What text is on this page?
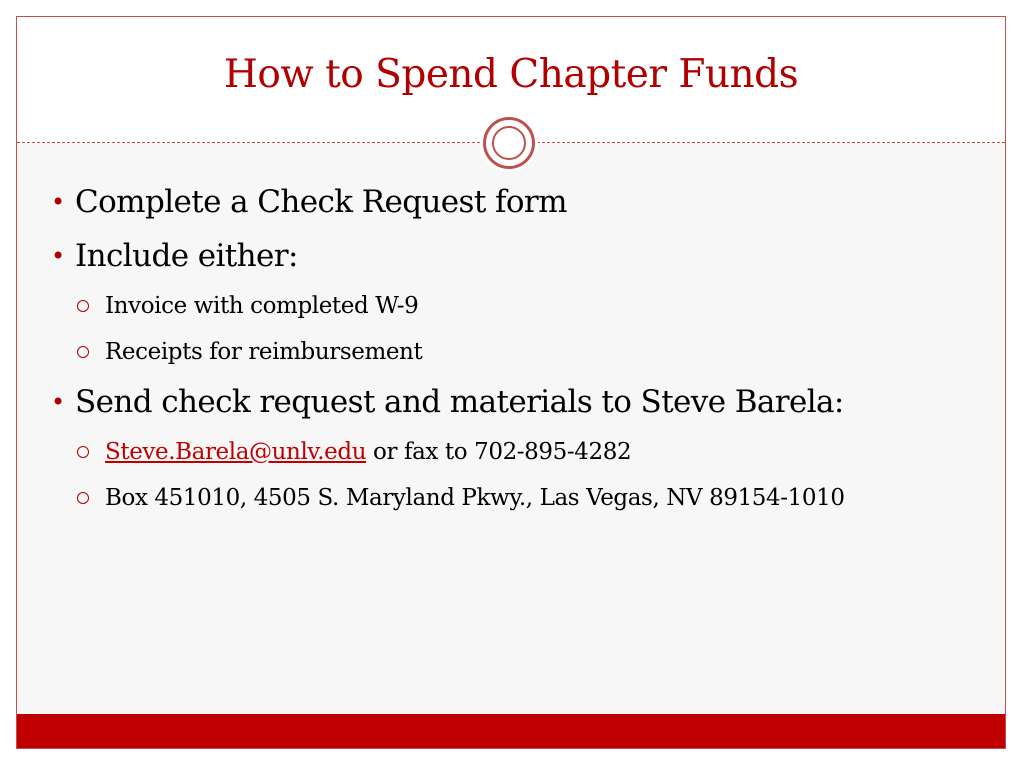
How to Spend Chapter Funds
• Complete a Check Request form
• Include either:
Invoice with completed W-9
Receipts for reimbursement
• Send check request and materials to Steve Barela:
Steve.Barela@unlv.edu or fax to 702-895-4282
Box 451010, 4505 S. Maryland Pkwy., Las Vegas, NV 89154-1010
